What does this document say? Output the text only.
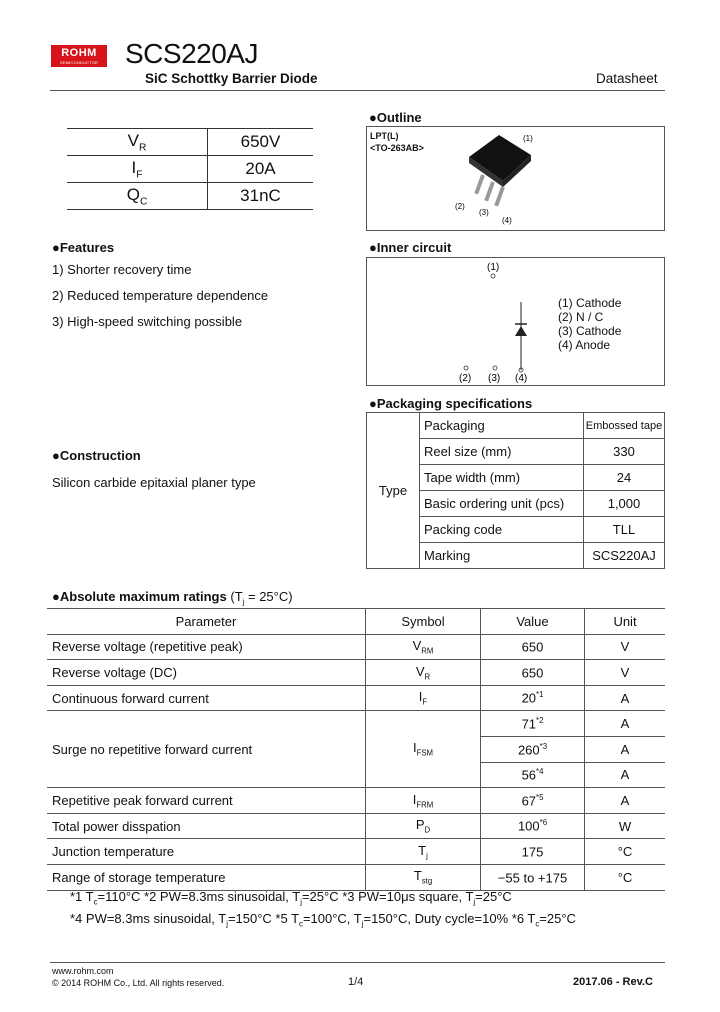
ROHM
SEMICONDUCTOR SCS220AJ
SiC Schottky Barrier Diode	Datasheet
$V_R$	650V
$I_F$	20A
$Q_C$	31nC
●Outline
LPT(L)
<TO-263AB>
(1)
(2)
(3)
(4)
●Features
1) Shorter recovery time
2) Reduced temperature dependence
3) High-speed switching possible
●Inner circuit
(1)
(2) (3) (4)
(1) Cathode
(2) N / C
(3) Cathode
(4) Anode
●Packaging specifications
Type	Packaging	Embossed tape
	Reel size (mm)	330
	Tape width (mm)	24
	Basic ordering unit (pcs)	1,000
	Packing code	TLL
	Marking	SCS220AJ
●Construction
Silicon carbide epitaxial planer type
●Absolute maximum ratings $(T_j = 25^\circ C)$
Parameter	Symbol	Value	Unit
Reverse voltage (repetitive peak)	$V_{RM}$	650	V
Reverse voltage (DC)	$V_R$	650	V
Continuous forward current	$I_F$	20$^{*1}$	A
Surge no repetitive forward current	$I_{FSM}$	71$^{*2}$	A
		260$^{*3}$	A
		56$^{*4}$	A
Repetitive peak forward current	$I_{FRM}$	67$^{*5}$	A
Total power disspation	$P_D$	100$^{*6}$	W
Junction temperature	$T_j$	175	°C
Range of storage temperature	$T_{stg}$	−55 to +175	°C
*1 $T_c=110^\circ C$ *2 PW=8.3ms sinusoidal, $T_j=25^\circ C$ *3 PW=10μs square, $T_j=25^\circ C$
*4 PW=8.3ms sinusoidal, $T_j=150^\circ C$ *5 $T_c=100^\circ C$, $T_j=150^\circ C$, Duty cycle=10% *6 $T_c=25^\circ C$
www.rohm.com
© 2014 ROHM Co., Ltd. All rights reserved.	1/4	2017.06 - Rev.C
